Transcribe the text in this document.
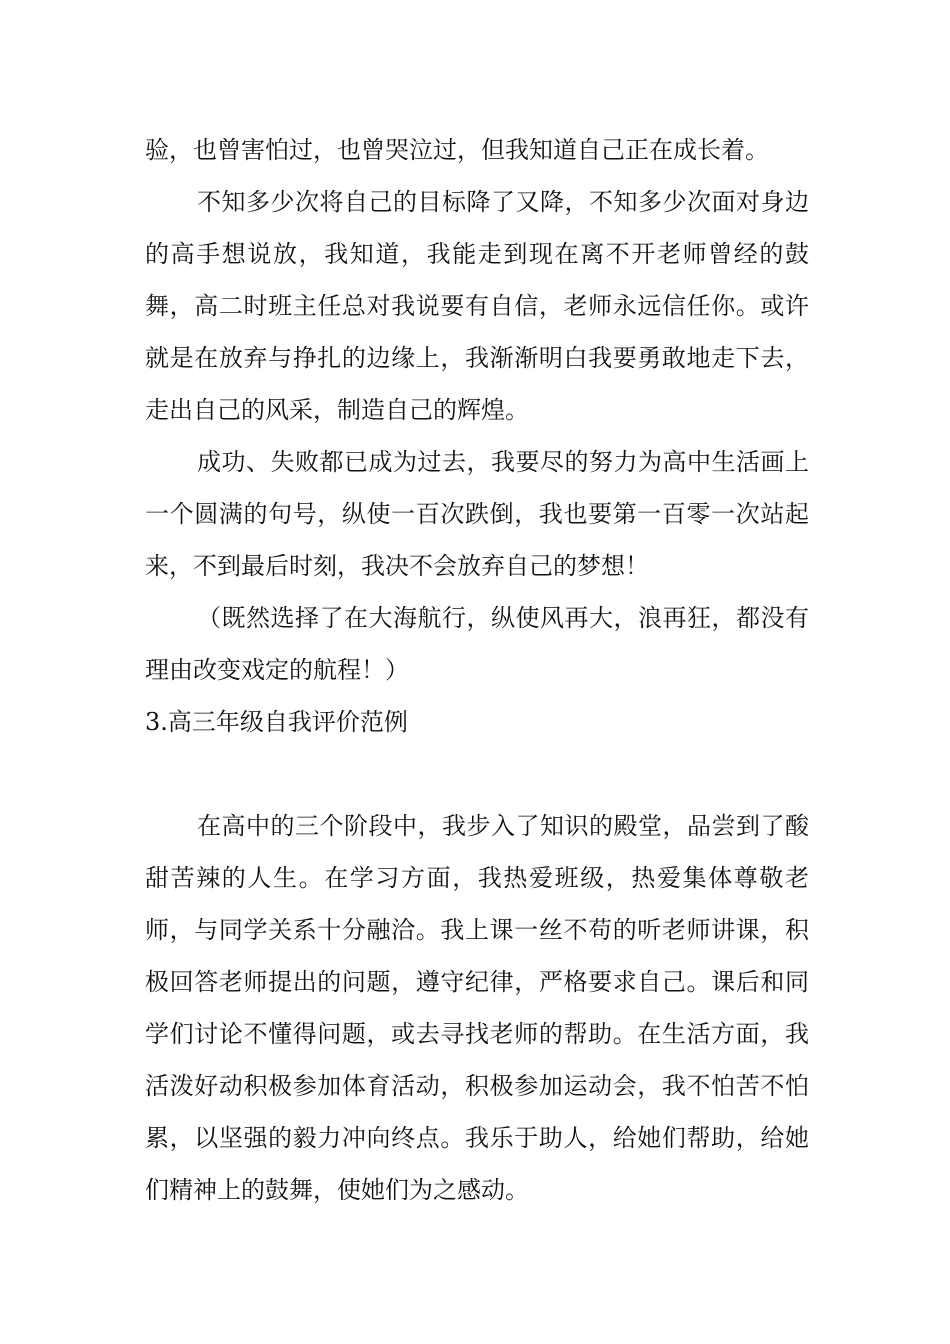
验，也曾害怕过，也曾哭泣过，但我知道自己正在成长着。

不知多少次将自己的目标降了又降，不知多少次面对身边的高手想说放，我知道，我能走到现在离不开老师曾经的鼓舞，高二时班主任总对我说要有自信，老师永远信任你。或许就是在放弃与挣扎的边缘上，我渐渐明白我要勇敢地走下去，走出自己的风采，制造自己的辉煌。

成功、失败都已成为过去，我要尽的努力为高中生活画上一个圆满的句号，纵使一百次跌倒，我也要第一百零一次站起来，不到最后时刻，我决不会放弃自己的梦想！

（既然选择了在大海航行，纵使风再大，浪再狂，都没有理由改变戏定的航程！）

3.高三年级自我评价范例

在高中的三个阶段中，我步入了知识的殿堂，品尝到了酸甜苦辣的人生。在学习方面，我热爱班级，热爱集体尊敬老师，与同学关系十分融洽。我上课一丝不苟的听老师讲课，积极回答老师提出的问题，遵守纪律，严格要求自己。课后和同学们讨论不懂得问题，或去寻找老师的帮助。在生活方面，我活泼好动积极参加体育活动，积极参加运动会，我不怕苦不怕累，以坚强的毅力冲向终点。我乐于助人，给她们帮助，给她们精神上的鼓舞，使她们为之感动。
